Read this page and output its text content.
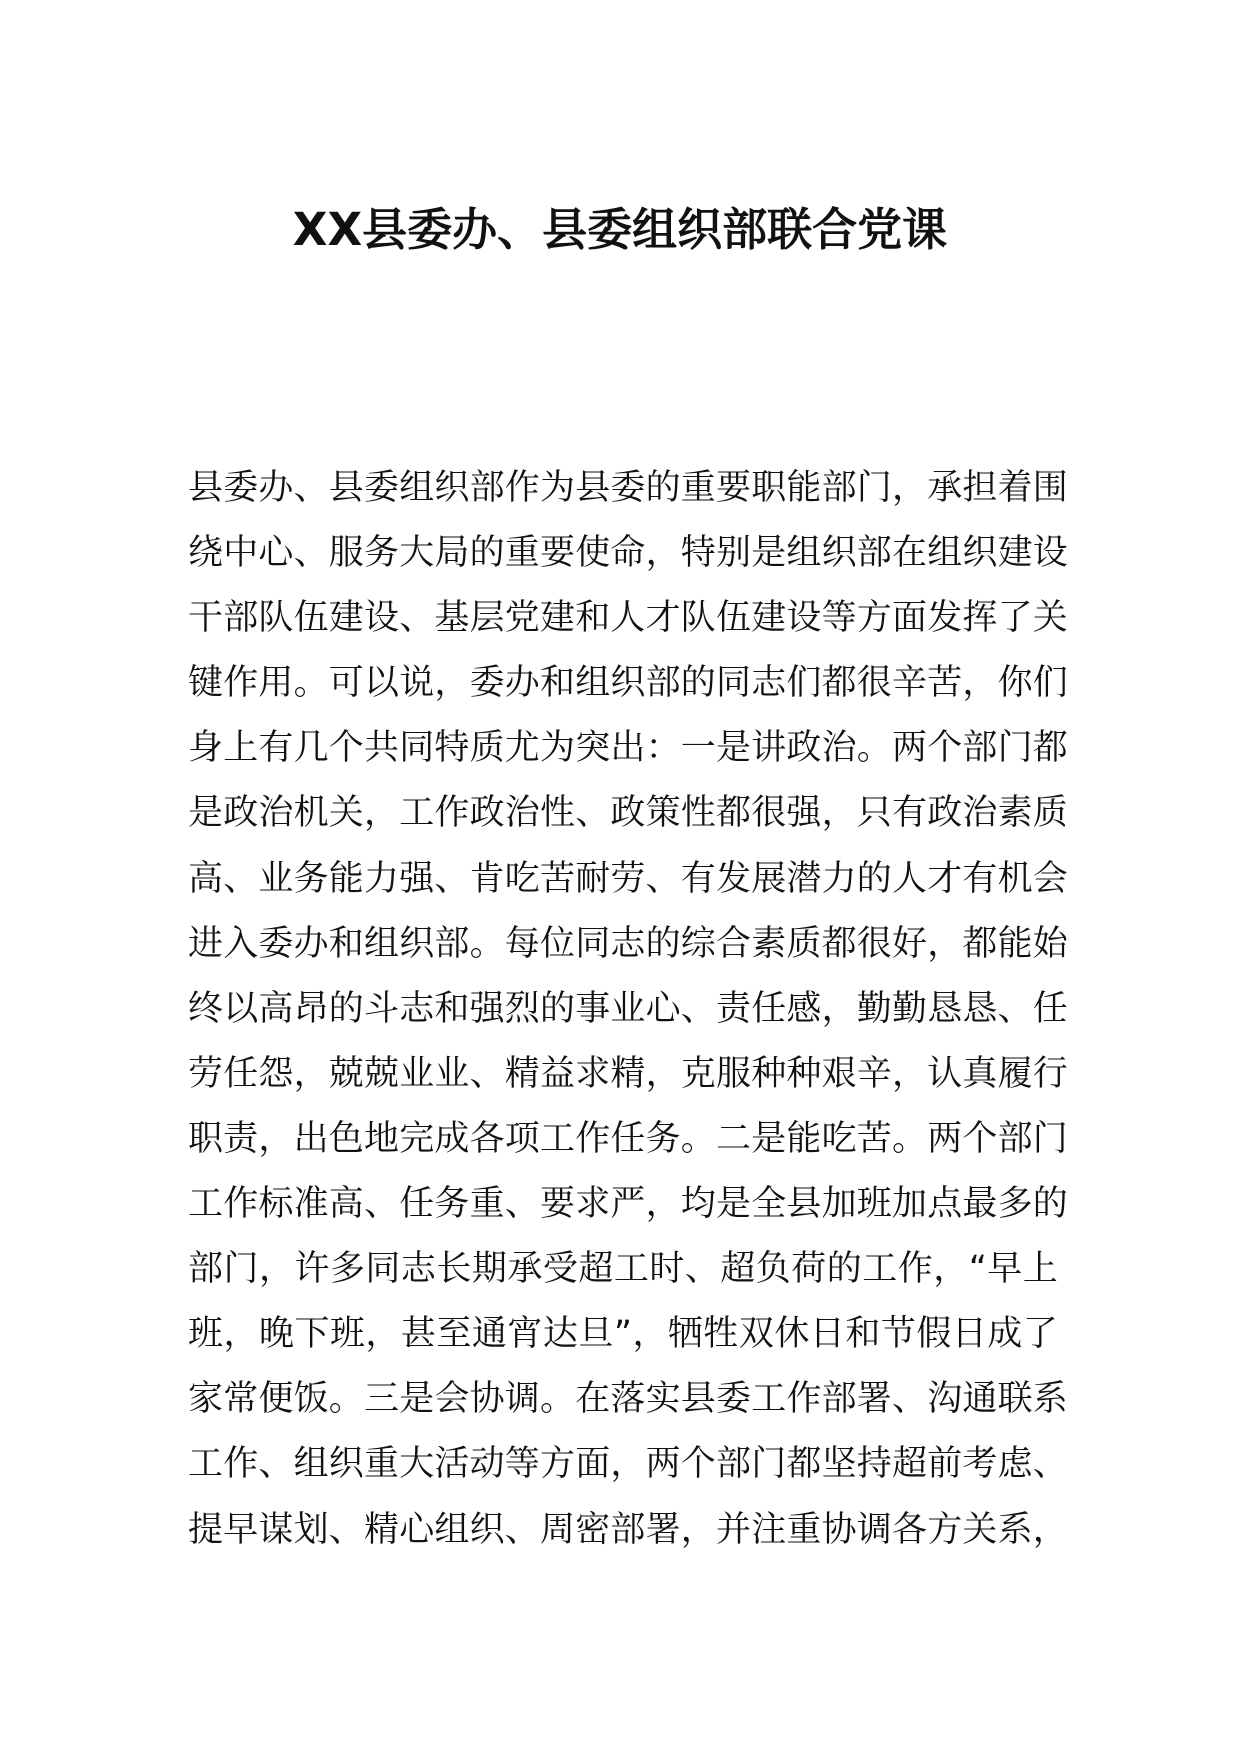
XX县委办、县委组织部联合党课
县委办、县委组织部作为县委的重要职能部门，承担着围
绕中心、服务大局的重要使命，特别是组织部在组织建设
干部队伍建设、基层党建和人才队伍建设等方面发挥了关
键作用。可以说，委办和组织部的同志们都很辛苦，你们
身上有几个共同特质尤为突出：一是讲政治。两个部门都
是政治机关，工作政治性、政策性都很强，只有政治素质
高、业务能力强、肯吃苦耐劳、有发展潜力的人才有机会
进入委办和组织部。每位同志的综合素质都很好，都能始
终以高昂的斗志和强烈的事业心、责任感，勤勤恳恳、任
劳任怨，兢兢业业、精益求精，克服种种艰辛，认真履行
职责，出色地完成各项工作任务。二是能吃苦。两个部门
工作标准高、任务重、要求严，均是全县加班加点最多的
部门，许多同志长期承受超工时、超负荷的工作，“早上
班，晚下班，甚至通宵达旦”，牺牲双休日和节假日成了
家常便饭。三是会协调。在落实县委工作部署、沟通联系
工作、组织重大活动等方面，两个部门都坚持超前考虑、
提早谋划、精心组织、周密部署，并注重协调各方关系，
